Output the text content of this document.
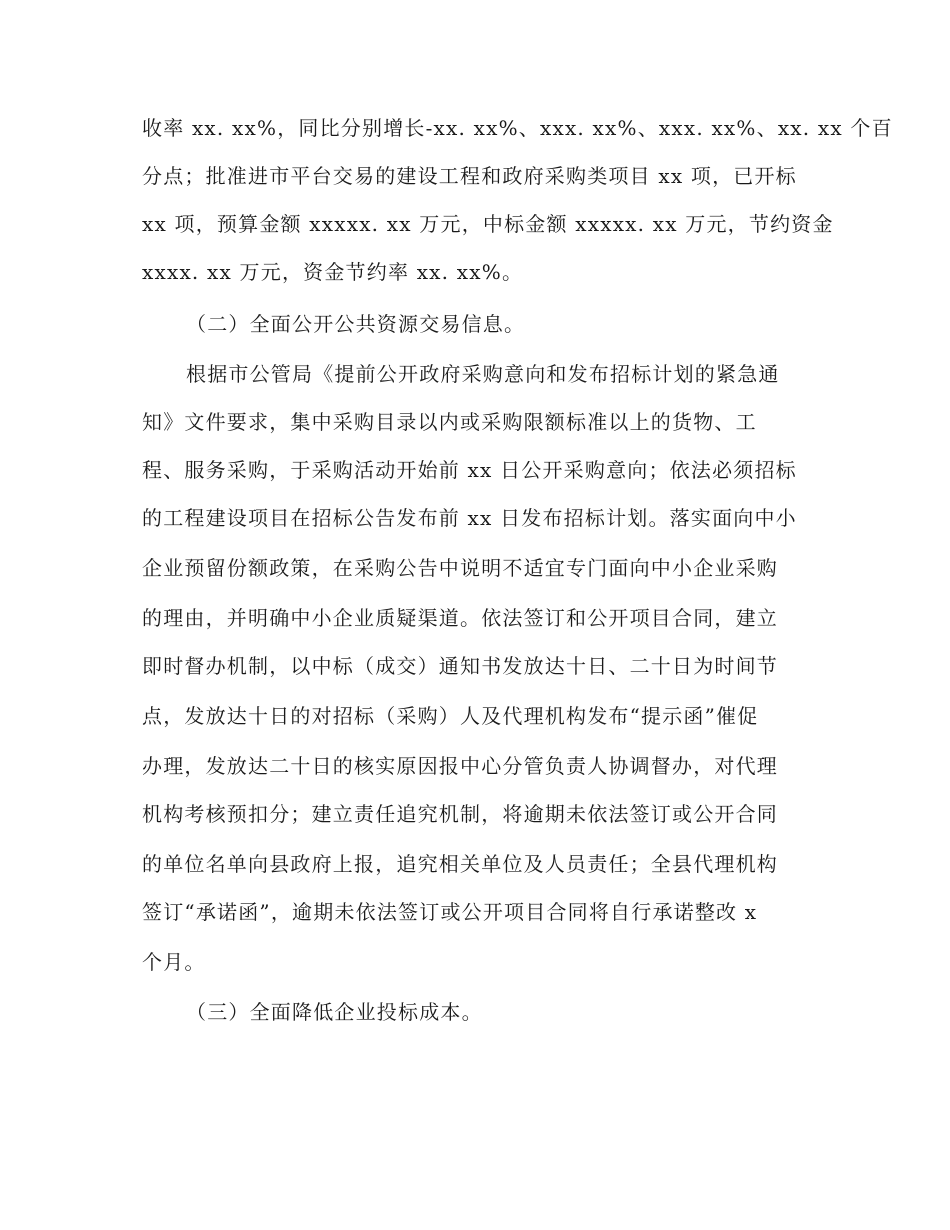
收率 xx. xx%，同比分别增长-xx. xx%、xxx. xx%、xxx. xx%、xx. xx 个百
分点；批准进市平台交易的建设工程和政府采购类项目 xx 项，已开标
xx 项，预算金额 xxxxx. xx 万元，中标金额 xxxxx. xx 万元，节约资金
xxxx. xx 万元，资金节约率 xx. xx%。
（二）全面公开公共资源交易信息。
根据市公管局《提前公开政府采购意向和发布招标计划的紧急通
知》文件要求，集中采购目录以内或采购限额标准以上的货物、工
程、服务采购，于采购活动开始前 xx 日公开采购意向；依法必须招标
的工程建设项目在招标公告发布前 xx 日发布招标计划。落实面向中小
企业预留份额政策，在采购公告中说明不适宜专门面向中小企业采购
的理由，并明确中小企业质疑渠道。依法签订和公开项目合同，建立
即时督办机制，以中标（成交）通知书发放达十日、二十日为时间节
点，发放达十日的对招标（采购）人及代理机构发布“提示函”催促
办理，发放达二十日的核实原因报中心分管负责人协调督办，对代理
机构考核预扣分；建立责任追究机制，将逾期未依法签订或公开合同
的单位名单向县政府上报，追究相关单位及人员责任；全县代理机构
签订“承诺函”，逾期未依法签订或公开项目合同将自行承诺整改 x
个月。
（三）全面降低企业投标成本。
